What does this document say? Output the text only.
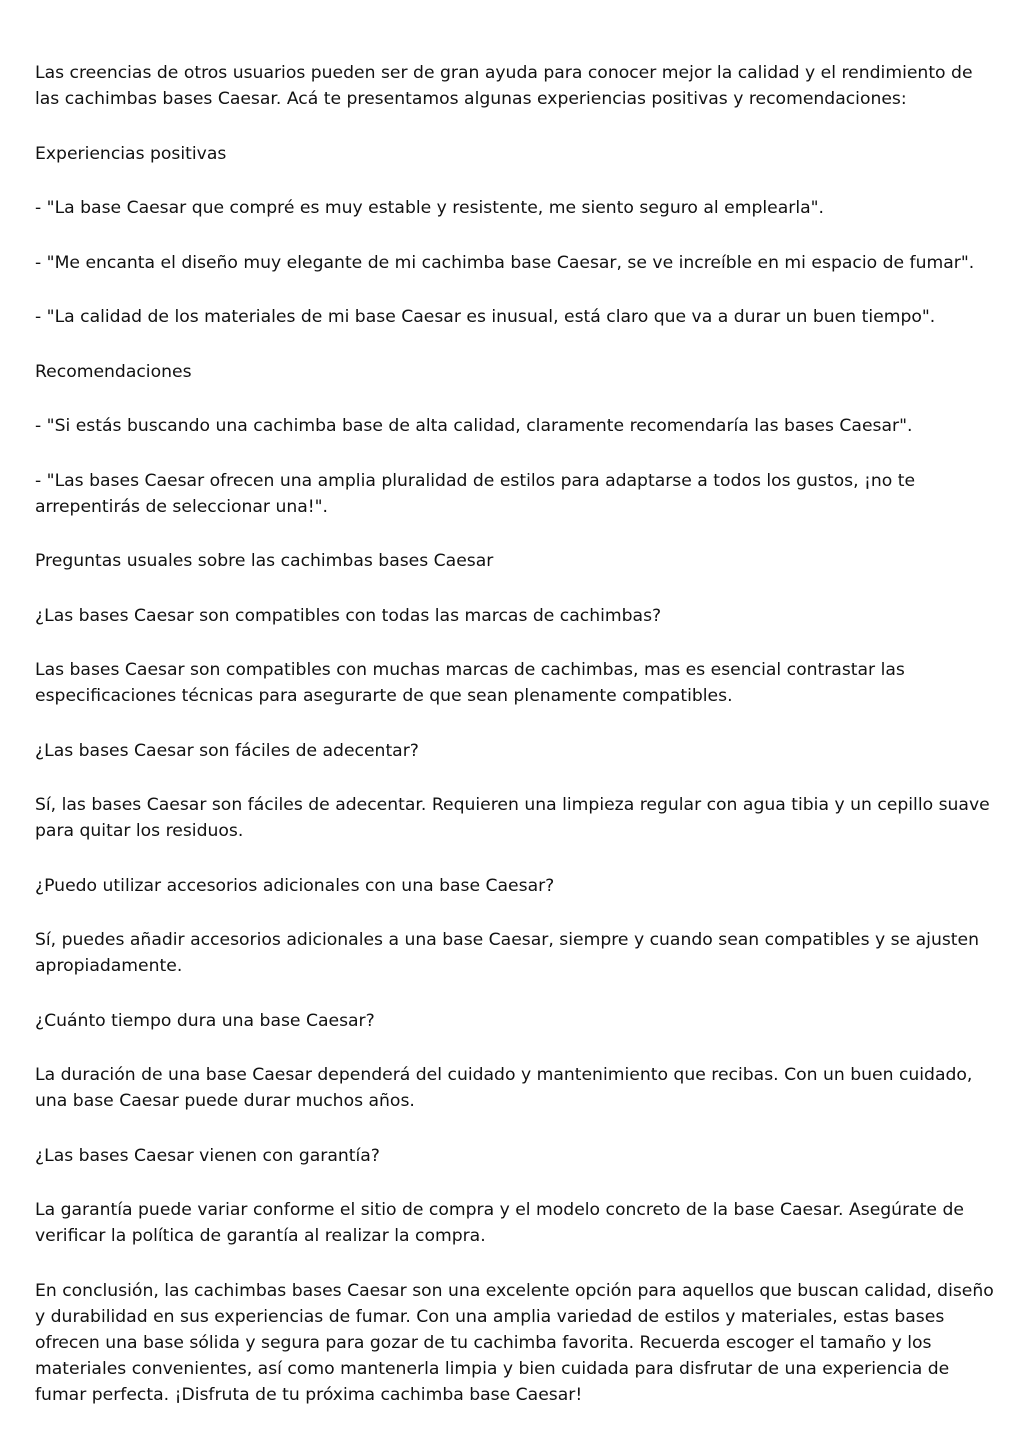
Las creencias de otros usuarios pueden ser de gran ayuda para conocer mejor la calidad y el rendimiento de las cachimbas bases Caesar. Acá te presentamos algunas experiencias positivas y recomendaciones:

Experiencias positivas

- "La base Caesar que compré es muy estable y resistente, me siento seguro al emplearla".

- "Me encanta el diseño muy elegante de mi cachimba base Caesar, se ve increíble en mi espacio de fumar".

- "La calidad de los materiales de mi base Caesar es inusual, está claro que va a durar un buen tiempo".

Recomendaciones

- "Si estás buscando una cachimba base de alta calidad, claramente recomendaría las bases Caesar".

- "Las bases Caesar ofrecen una amplia pluralidad de estilos para adaptarse a todos los gustos, ¡no te arrepentirás de seleccionar una!".

Preguntas usuales sobre las cachimbas bases Caesar

¿Las bases Caesar son compatibles con todas las marcas de cachimbas?

Las bases Caesar son compatibles con muchas marcas de cachimbas, mas es esencial contrastar las especificaciones técnicas para asegurarte de que sean plenamente compatibles.

¿Las bases Caesar son fáciles de adecentar?

Sí, las bases Caesar son fáciles de adecentar. Requieren una limpieza regular con agua tibia y un cepillo suave para quitar los residuos.

¿Puedo utilizar accesorios adicionales con una base Caesar?

Sí, puedes añadir accesorios adicionales a una base Caesar, siempre y cuando sean compatibles y se ajusten apropiadamente.

¿Cuánto tiempo dura una base Caesar?

La duración de una base Caesar dependerá del cuidado y mantenimiento que recibas. Con un buen cuidado, una base Caesar puede durar muchos años.

¿Las bases Caesar vienen con garantía?

La garantía puede variar conforme el sitio de compra y el modelo concreto de la base Caesar. Asegúrate de verificar la política de garantía al realizar la compra.

En conclusión, las cachimbas bases Caesar son una excelente opción para aquellos que buscan calidad, diseño y durabilidad en sus experiencias de fumar. Con una amplia variedad de estilos y materiales, estas bases ofrecen una base sólida y segura para gozar de tu cachimba favorita. Recuerda escoger el tamaño y los materiales convenientes, así como mantenerla limpia y bien cuidada para disfrutar de una experiencia de fumar perfecta. ¡Disfruta de tu próxima cachimba base Caesar!
